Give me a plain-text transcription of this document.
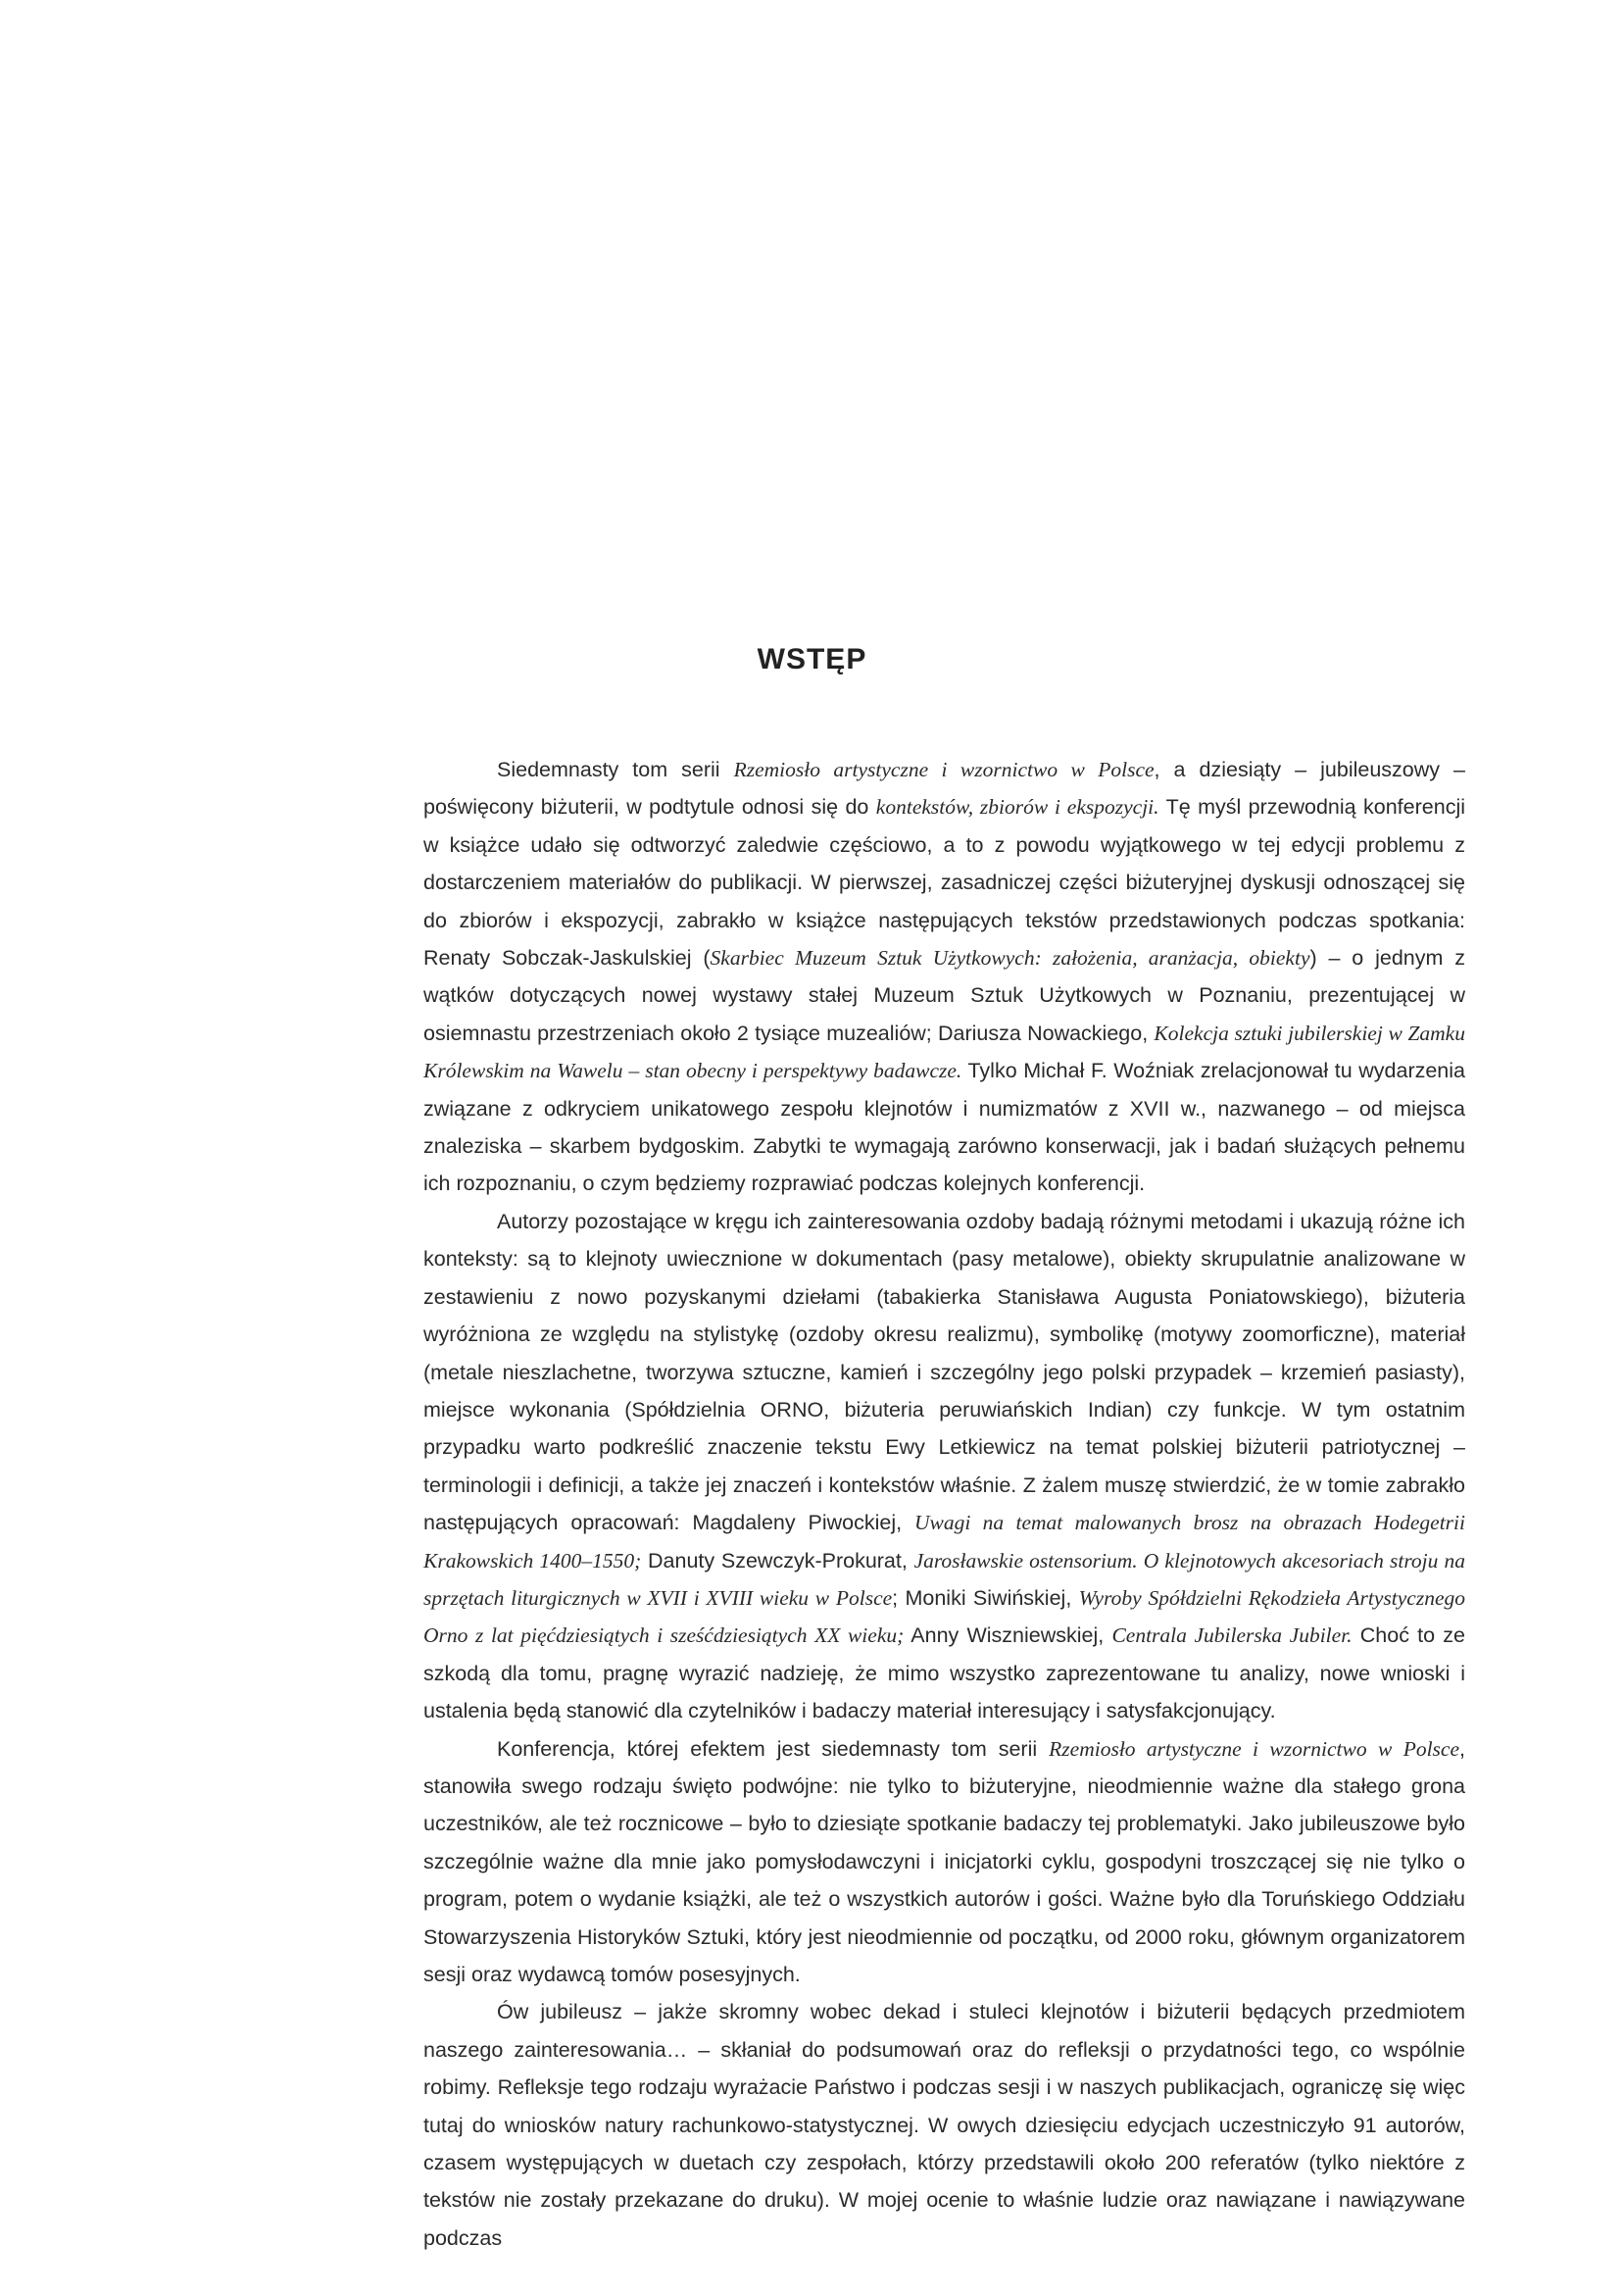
WSTĘP

Siedemnasty tom serii Rzemiosło artystyczne i wzornictwo w Polsce, a dziesiąty – jubileuszowy – poświęcony biżuterii, w podtytule odnosi się do kontekstów, zbiorów i ekspozycji. Tę myśl przewodnią konferencji w książce udało się odtworzyć zaledwie częściowo, a to z powodu wyjątkowego w tej edycji problemu z dostarczeniem materiałów do publikacji. W pierwszej, zasadniczej części biżuteryjnej dyskusji odnoszącej się do zbiorów i ekspozycji, zabrakło w książce następujących tekstów przedstawionych podczas spotkania: Renaty Sobczak-Jaskulskiej (Skarbiec Muzeum Sztuk Użytkowych: założenia, aranżacja, obiekty) – o jednym z wątków dotyczących nowej wystawy stałej Muzeum Sztuk Użytkowych w Poznaniu, prezentującej w osiemnastu przestrzeniach około 2 tysiące muzealiów; Dariusza Nowackiego, Kolekcja sztuki jubilerskiej w Zamku Królewskim na Wawelu – stan obecny i perspektywy badawcze. Tylko Michał F. Woźniak zrelacjonował tu wydarzenia związane z odkryciem unikatowego zespołu klejnotów i numizmatów z XVII w., nazwanego – od miejsca znaleziska – skarbem bydgoskim. Zabytki te wymagają zarówno konserwacji, jak i badań służących pełnemu ich rozpoznaniu, o czym będziemy rozprawiać podczas kolejnych konferencji.

Autorzy pozostające w kręgu ich zainteresowania ozdoby badają różnymi metodami i ukazują różne ich konteksty: są to klejnoty uwiecznione w dokumentach (pasy metalowe), obiekty skrupulatnie analizowane w zestawieniu z nowo pozyskanymi dziełami (tabakierka Stanisława Augusta Poniatowskiego), biżuteria wyróżniona ze względu na stylistykę (ozdoby okresu realizmu), symbolikę (motywy zoomorficzne), materiał (metale nieszlachetne, tworzywa sztuczne, kamień i szczególny jego polski przypadek – krzemień pasiasty), miejsce wykonania (Spółdzielnia ORNO, biżuteria peruwiańskich Indian) czy funkcje. W tym ostatnim przypadku warto podkreślić znaczenie tekstu Ewy Letkiewicz na temat polskiej biżuterii patriotycznej – terminologii i definicji, a także jej znaczeń i kontekstów właśnie. Z żalem muszę stwierdzić, że w tomie zabrakło następujących opracowań: Magdaleny Piwockiej, Uwagi na temat malowanych brosz na obrazach Hodegetrii Krakowskich 1400–1550; Danuty Szewczyk-Prokurat, Jarosławskie ostensorium. O klejnotowych akcesoriach stroju na sprzętach liturgicznych w XVII i XVIII wieku w Polsce; Moniki Siwińskiej, Wyroby Spółdzielni Rękodzieła Artystycznego Orno z lat pięćdziesiątych i sześćdziesiątych XX wieku; Anny Wiszniewskiej, Centrala Jubilerska Jubiler. Choć to ze szkodą dla tomu, pragnę wyrazić nadzieję, że mimo wszystko zaprezentowane tu analizy, nowe wnioski i ustalenia będą stanowić dla czytelników i badaczy materiał interesujący i satysfakcjonujący.

Konferencja, której efektem jest siedemnasty tom serii Rzemiosło artystyczne i wzornictwo w Polsce, stanowiła swego rodzaju święto podwójne: nie tylko to biżuteryjne, nieodmiennie ważne dla stałego grona uczestników, ale też rocznicowe – było to dziesiąte spotkanie badaczy tej problematyki. Jako jubileuszowe było szczególnie ważne dla mnie jako pomysłodawczyni i inicjatorki cyklu, gospodyni troszczącej się nie tylko o program, potem o wydanie książki, ale też o wszystkich autorów i gości. Ważne było dla Toruńskiego Oddziału Stowarzyszenia Historyków Sztuki, który jest nieodmiennie od początku, od 2000 roku, głównym organizatorem sesji oraz wydawcą tomów posesyjnych.

Ów jubileusz – jakże skromny wobec dekad i stuleci klejnotów i biżuterii będących przedmiotem naszego zainteresowania… – skłaniał do podsumowań oraz do refleksji o przydatności tego, co wspólnie robimy. Refleksje tego rodzaju wyrażacie Państwo i podczas sesji i w naszych publikacjach, ograniczę się więc tutaj do wniosków natury rachunkowo-statystycznej. W owych dziesięciu edycjach uczestniczyło 91 autorów, czasem występujących w duetach czy zespołach, którzy przedstawili około 200 referatów (tylko niektóre z tekstów nie zostały przekazane do druku). W mojej ocenie to właśnie ludzie oraz nawiązane i nawiązywane podczas
